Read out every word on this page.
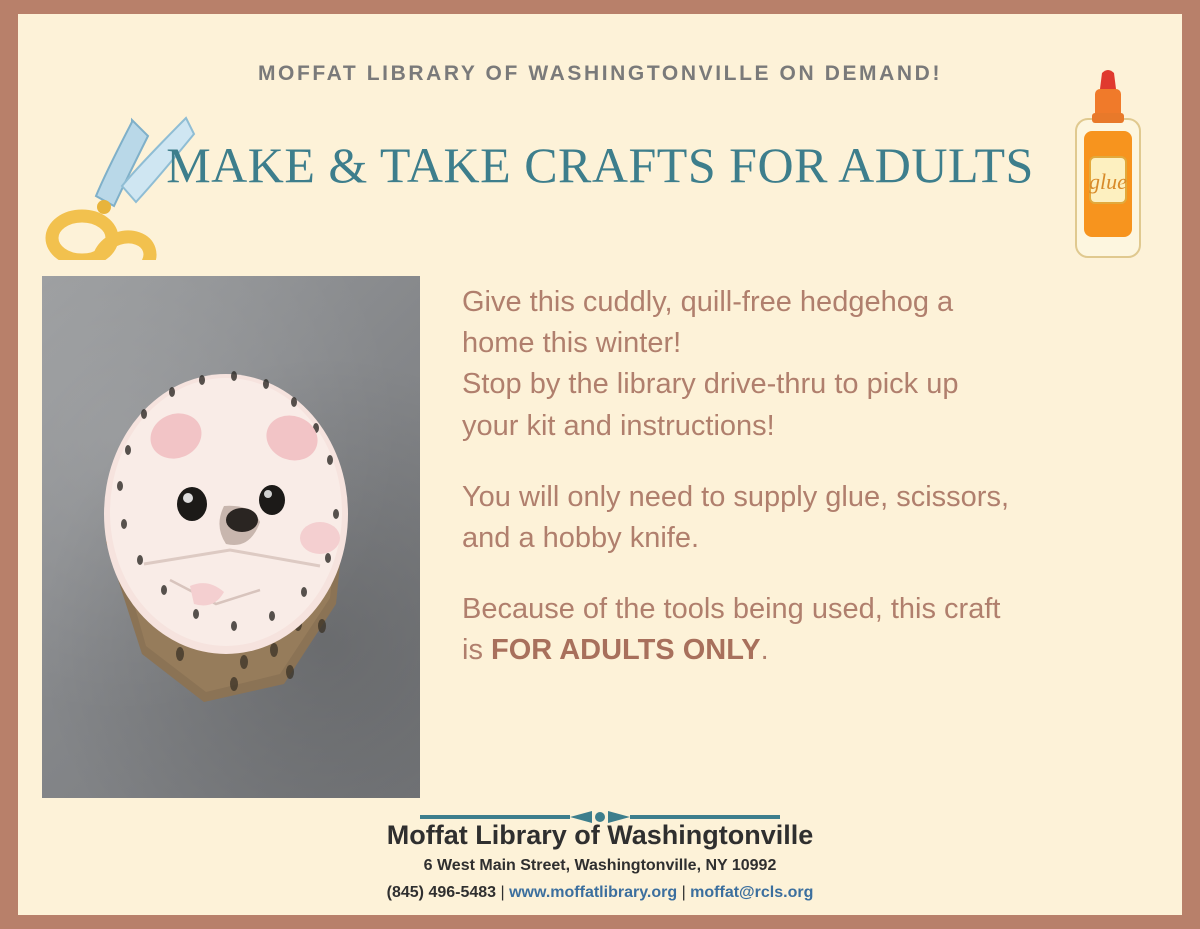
glue
MOFFAT LIBRARY OF WASHINGTONVILLE ON DEMAND!
MAKE & TAKE CRAFTS FOR ADULTS

Give this cuddly, quill-free hedgehog a

home this winter!

Stop by the library drive-thru to pick up

your kit and instructions!

You will only need to supply glue, scissors,

and a hobby knife.

Because of the tools being used, this craft

is FOR ADULTS ONLY.

Moffat Library of Washingtonville
6 West Main Street, Washingtonville, NY 10992
(845) 496-5483 | www.moffatlibrary.org | moffat@rcls.org
